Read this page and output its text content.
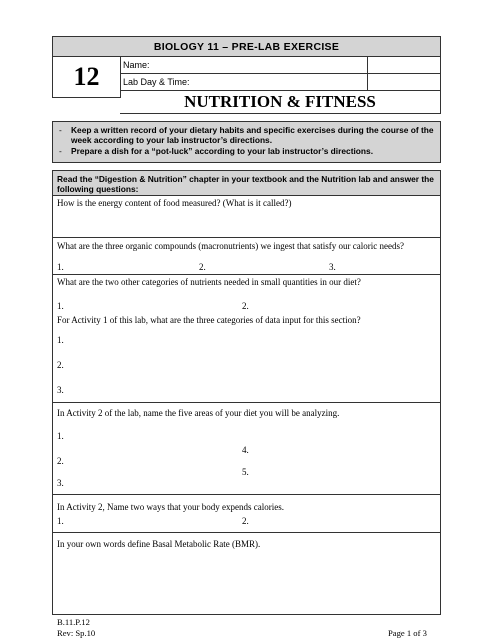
BIOLOGY 11 – PRE-LAB EXERCISE
12	Name:
Lab Day & Time:
NUTRITION & FITNESS
-	Keep a written record of your dietary habits and specific exercises during the course of the week according to your lab instructor’s directions.
-	Prepare a dish for a “pot-luck” according to your lab instructor’s directions.
Read the “Digestion & Nutrition” chapter in your textbook and the Nutrition lab and answer the following questions:
How is the energy content of food measured? (What is it called?)
What are the three organic compounds (macronutrients) we ingest that satisfy our caloric needs?
1.	2.	3.
What are the two other categories of nutrients needed in small quantities in our diet?
1.	2.
For Activity 1 of this lab, what are the three categories of data input for this section?
1.
2.
3.
In Activity 2 of the lab, name the five areas of your diet you will be analyzing.
1.
2.
3.
4.
5.
In Activity 2, Name two ways that your body expends calories.
1.	2.
In your own words define Basal Metabolic Rate (BMR).
B.11.P.12
Rev: Sp.10	Page 1 of 3
